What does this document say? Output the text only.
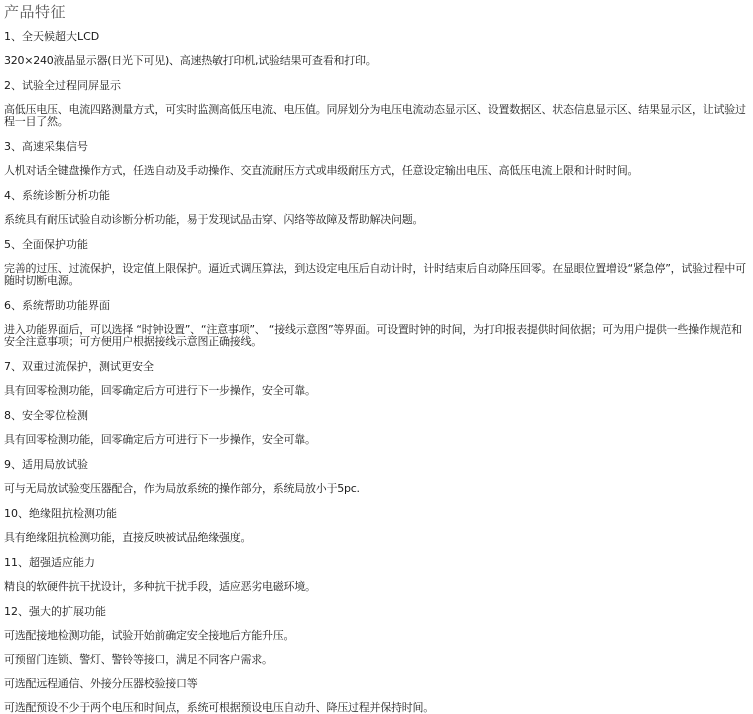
产品特征
1、全天候超大LCD

320×240液晶显示器(日光下可见)、高速热敏打印机,试验结果可查看和打印。

2、试验全过程同屏显示

高低压电压、电流四路测量方式，可实时监测高低压电流、电压值。同屏划分为电压电流动态显示区、设置数据区、状态信息显示区、结果显示区，让试验过程一目了然。

3、高速采集信号

人机对话全键盘操作方式，任选自动及手动操作、交直流耐压方式或串级耐压方式，任意设定输出电压、高低压电流上限和计时时间。

4、系统诊断分析功能

系统具有耐压试验自动诊断分析功能，易于发现试品击穿、闪络等故障及帮助解决问题。

5、全面保护功能

完善的过压、过流保护，设定值上限保护。逼近式调压算法，到达设定电压后自动计时，计时结束后自动降压回零。在显眼位置增设“紧急停”，试验过程中可随时切断电源。

6、系统帮助功能界面

进入功能界面后，可以选择 “时钟设置”、“注意事项”、 “接线示意图”等界面。可设置时钟的时间，为打印报表提供时间依据；可为用户提供一些操作规范和安全注意事项；可方便用户根据接线示意图正确接线。

7、双重过流保护，测试更安全

具有回零检测功能，回零确定后方可进行下一步操作，安全可靠。

8、安全零位检测

具有回零检测功能，回零确定后方可进行下一步操作，安全可靠。

9、适用局放试验

可与无局放试验变压器配合，作为局放系统的操作部分，系统局放小于5pc.

10、绝缘阻抗检测功能

具有绝缘阻抗检测功能，直接反映被试品绝缘强度。

11、超强适应能力

精良的软硬件抗干扰设计，多种抗干扰手段，适应恶劣电磁环境。

12、强大的扩展功能

可选配接地检测功能，试验开始前确定安全接地后方能升压。

可预留门连锁、警灯、警铃等接口，满足不同客户需求。

可选配远程通信、外接分压器校验接口等

可选配预设不少于两个电压和时间点，系统可根据预设电压自动升、降压过程并保持时间。
